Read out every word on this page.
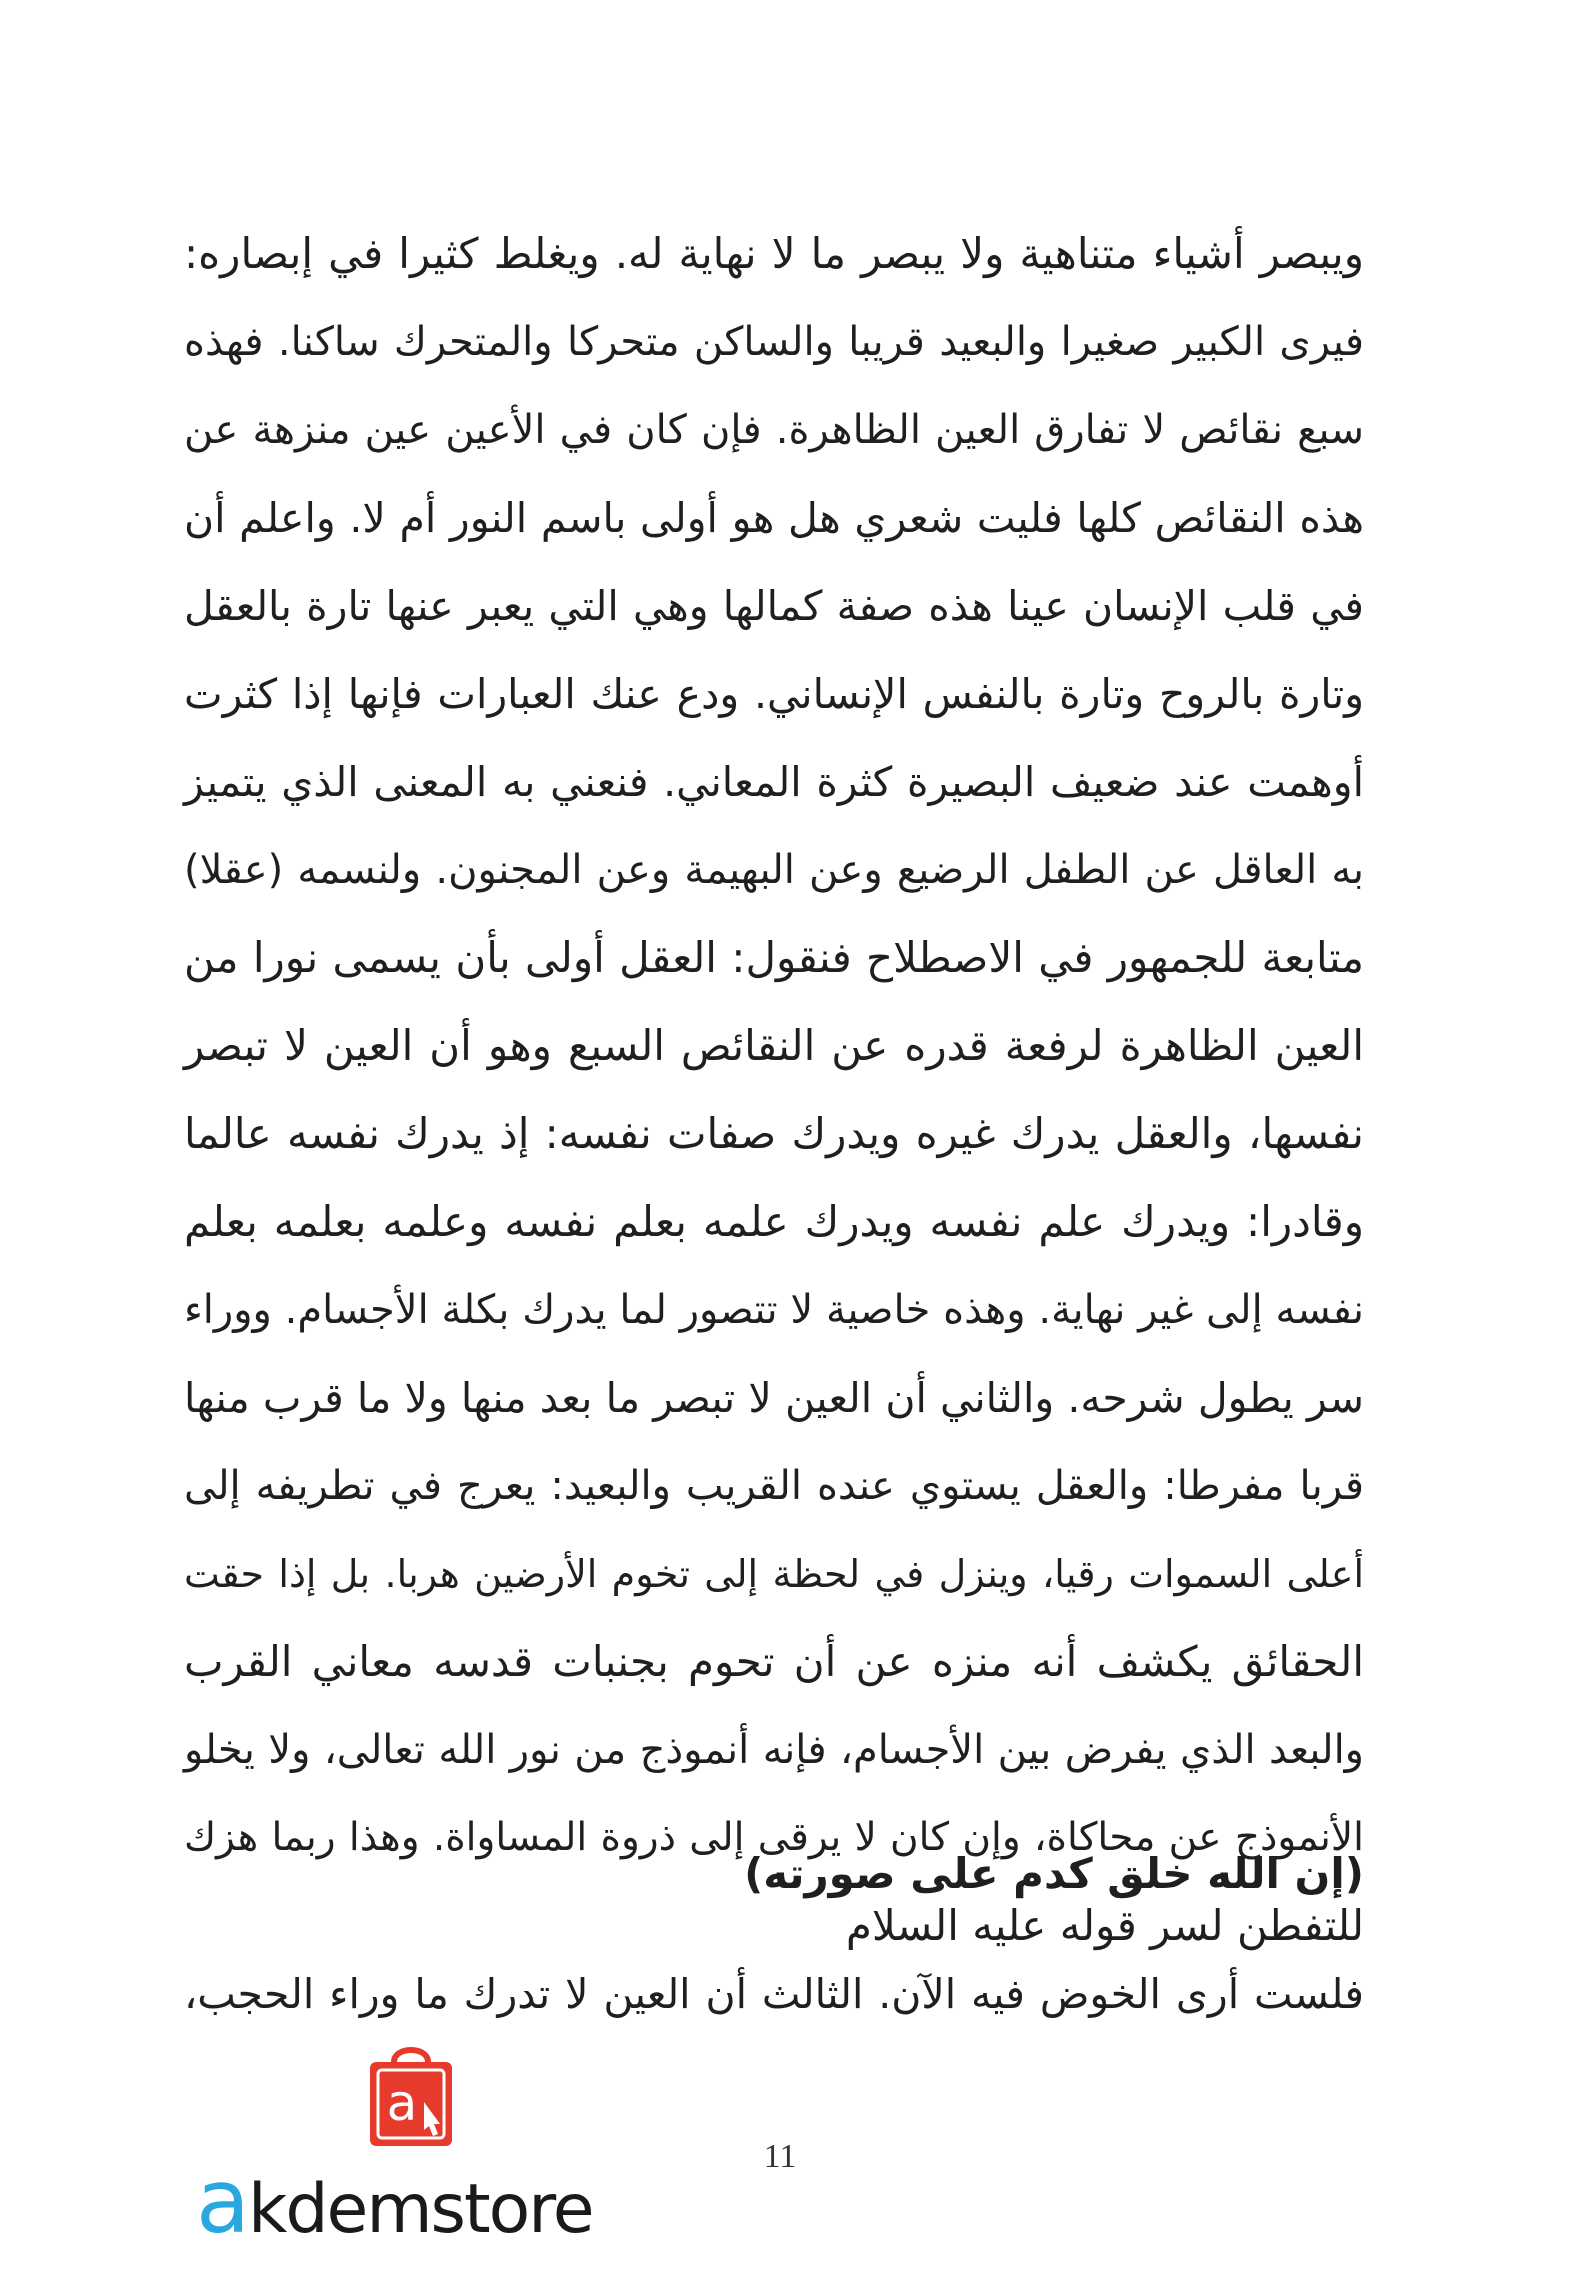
ويبصر أشياء متناهية ولا يبصر ما لا نهاية له. ويغلط كثيرا في إبصاره:
فيرى الكبير صغيرا والبعيد قريبا والساكن متحركا والمتحرك ساكنا. فهذه
سبع نقائص لا تفارق العين الظاهرة. فإن كان في الأعين عين منزهة عن
هذه النقائص كلها فليت شعري هل هو أولى باسم النور أم لا. واعلم أن
في قلب الإنسان عينا هذه صفة كمالها وهي التي يعبر عنها تارة بالعقل
وتارة بالروح وتارة بالنفس الإنساني. ودع عنك العبارات فإنها إذا كثرت
أوهمت عند ضعيف البصيرة كثرة المعاني. فنعني به المعنى الذي يتميز
به العاقل عن الطفل الرضيع وعن البهيمة وعن المجنون. ولنسمه (عقلا)
متابعة للجمهور في الاصطلاح فنقول: العقل أولى بأن يسمى نورا من
العين الظاهرة لرفعة قدره عن النقائص السبع وهو أن العين لا تبصر
نفسها، والعقل يدرك غيره ويدرك صفات نفسه: إذ يدرك نفسه عالما
وقادرا: ويدرك علم نفسه ويدرك علمه بعلم نفسه وعلمه بعلمه بعلم
نفسه إلى غير نهاية. وهذه خاصية لا تتصور لما يدرك بكلة الأجسام. ووراء
سر يطول شرحه. والثاني أن العين لا تبصر ما بعد منها ولا ما قرب منها
قربا مفرطا: والعقل يستوي عنده القريب والبعيد: يعرج في تطريفه إلى
أعلى السموات رقيا، وينزل في لحظة إلى تخوم الأرضين هربا. بل إذا حقت
الحقائق يكشف أنه منزه عن أن تحوم بجنبات قدسه معاني القرب
والبعد الذي يفرض بين الأجسام، فإنه أنموذج من نور الله تعالى، ولا يخلو
الأنموذج عن محاكاة، وإن كان لا يرقى إلى ذروة المساواة. وهذا ربما هزك
للتفطن لسر قوله عليه السلام
(إن الله خلق كدم على صورته)
فلست أرى الخوض فيه الآن. الثالث أن العين لا تدرك ما وراء الحجب،
11
a
akdemstore
